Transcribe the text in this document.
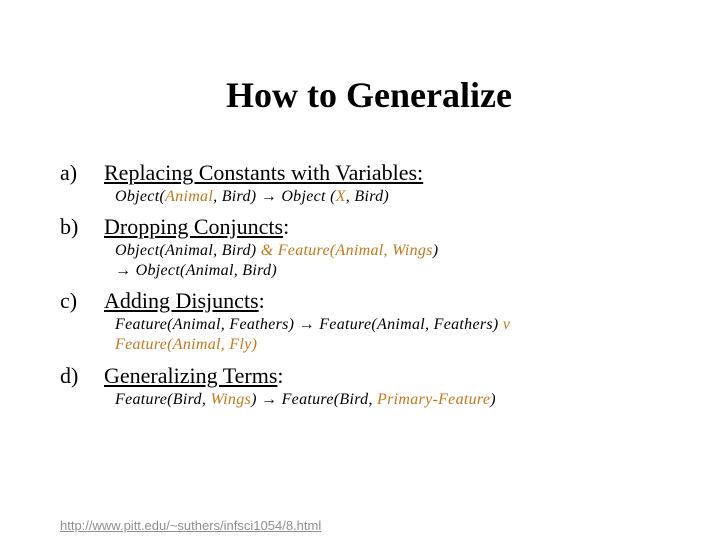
How to Generalize
a) Replacing Constants with Variables:
Object(Animal, Bird) → Object (X, Bird)
b) Dropping Conjuncts:
Object(Animal, Bird) & Feature(Animal, Wings)
→ Object(Animal, Bird)
c) Adding Disjuncts:
Feature(Animal, Feathers) → Feature(Animal, Feathers) v
Feature(Animal, Fly)
d) Generalizing Terms:
Feature(Bird, Wings) → Feature(Bird, Primary-Feature)
http://www.pitt.edu/~suthers/infsci1054/8.html
